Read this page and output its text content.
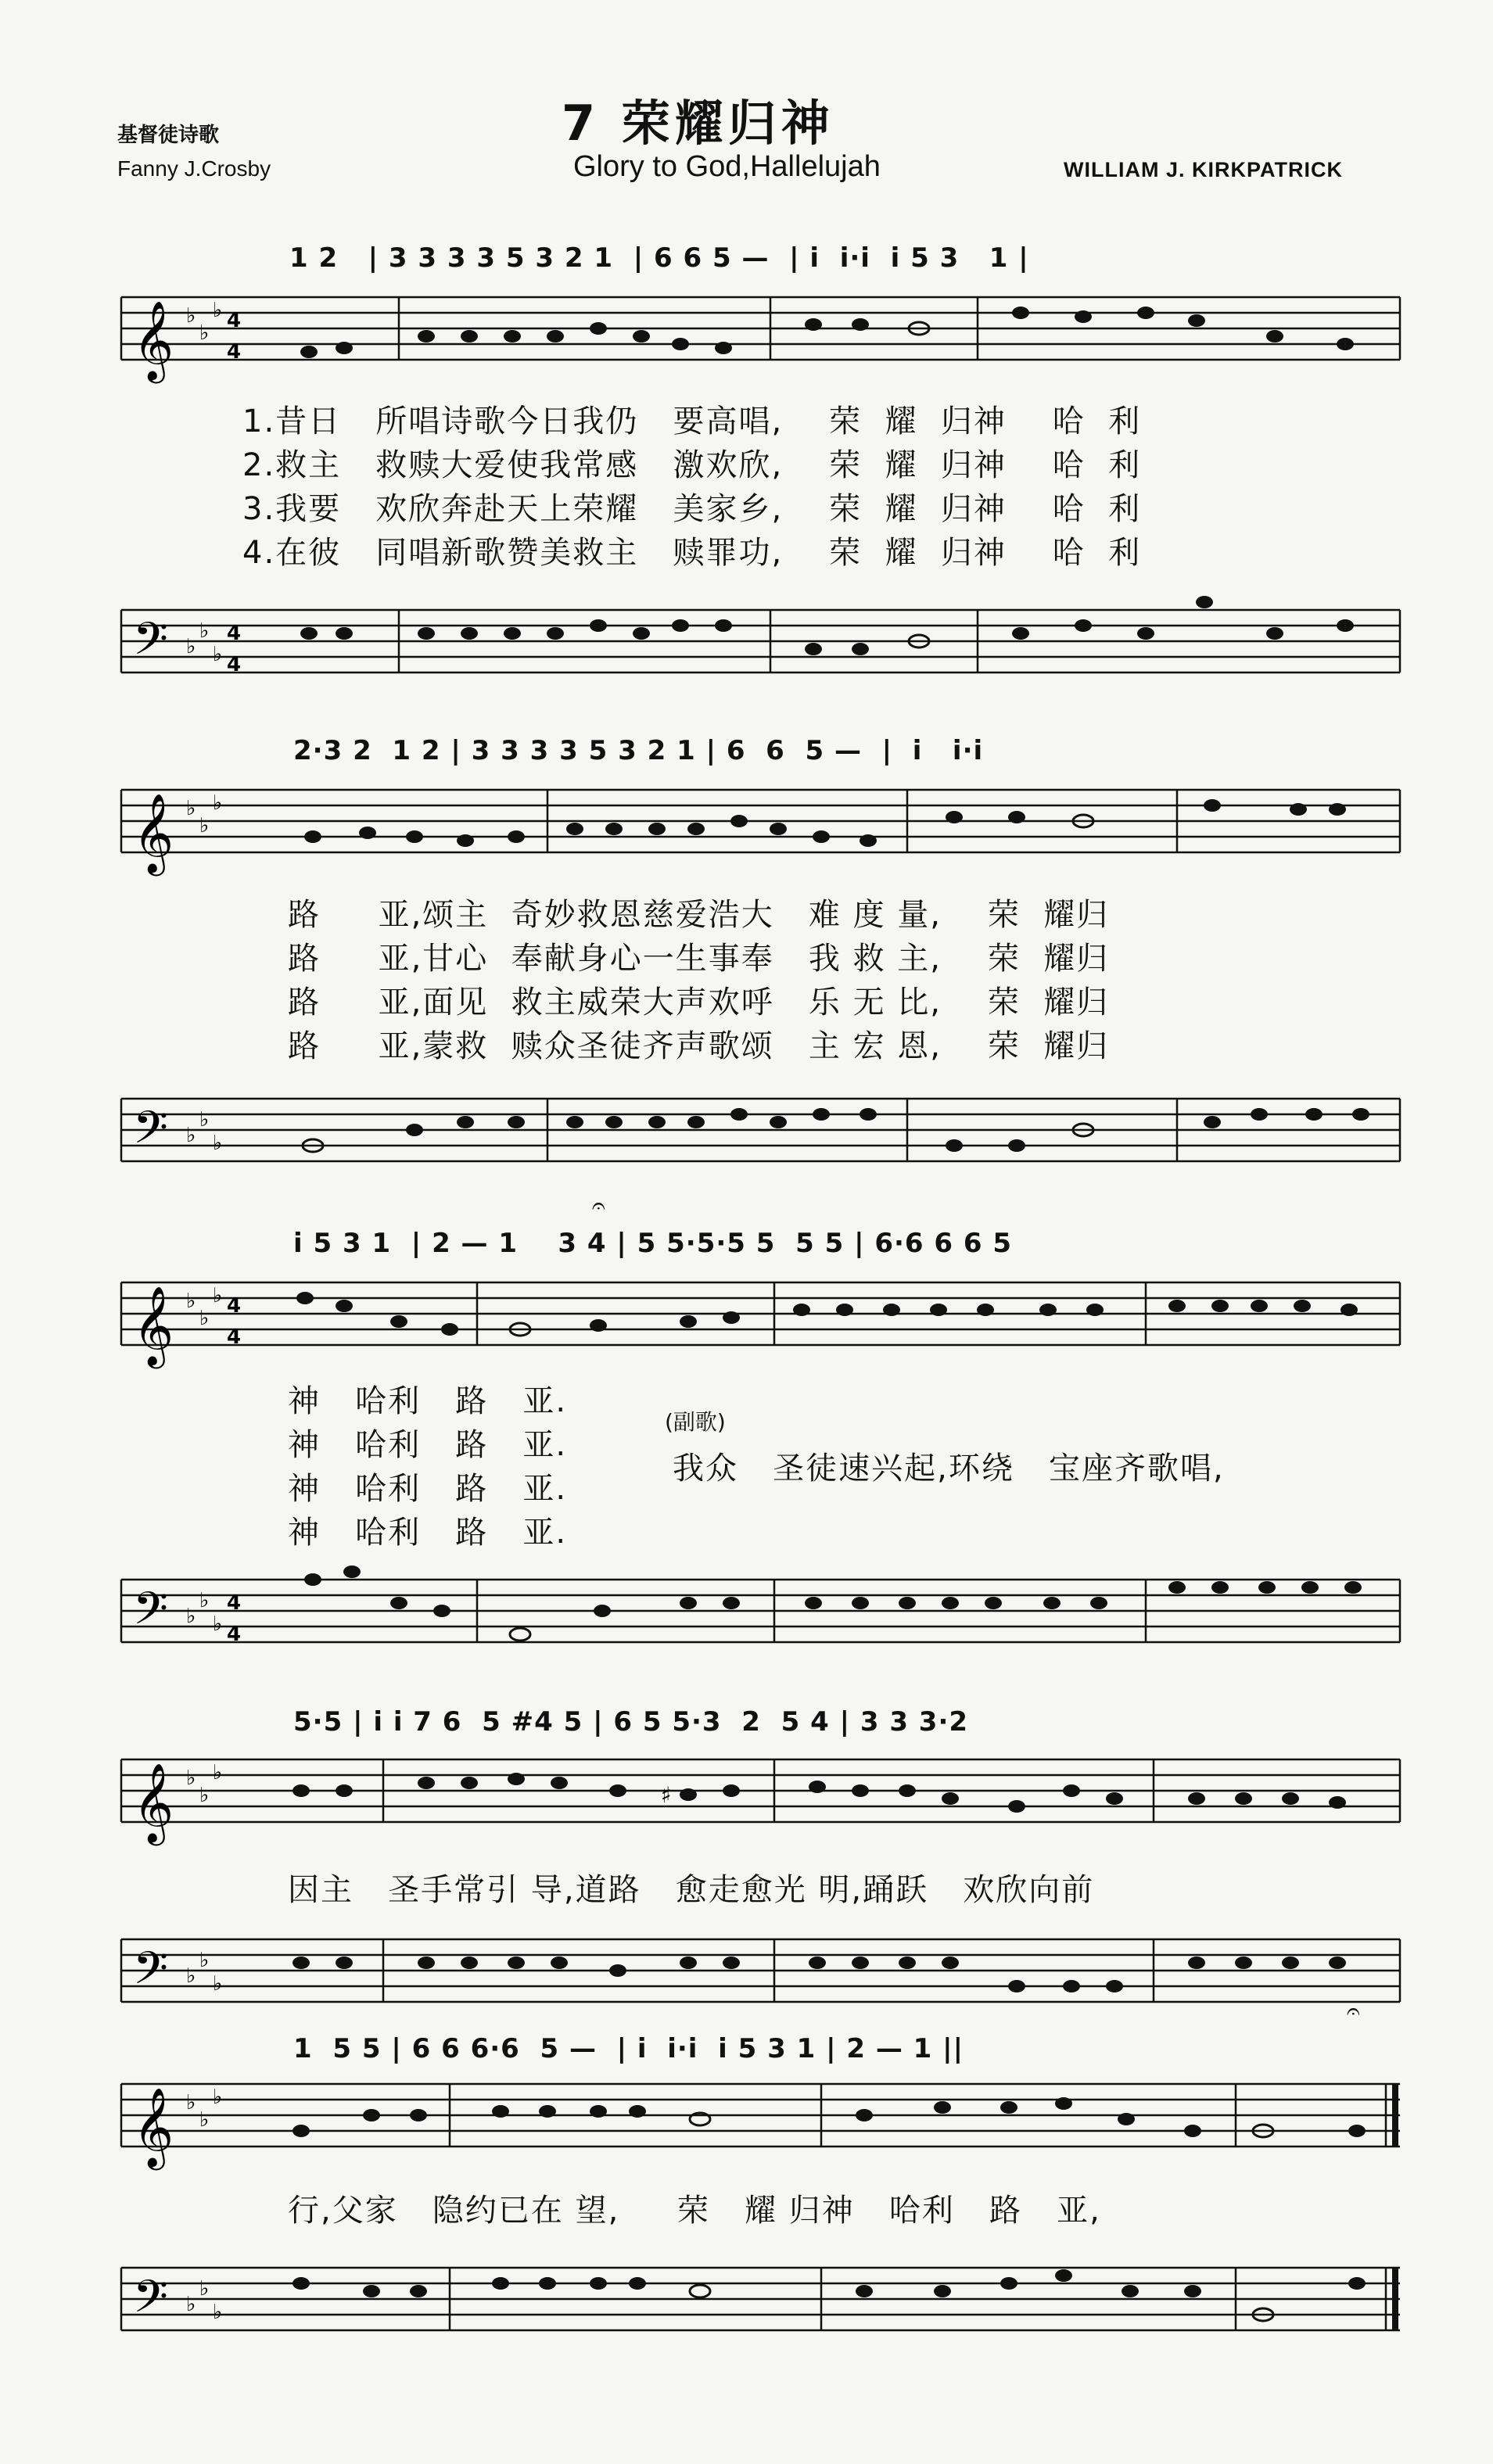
基督徒诗歌
Fanny J.Crosby
7 荣耀归神
Glory to God,Hallelujah	WILLIAM J. KIRKPATRICK
1 2   | 3 3 3 3 5 3 2 1  | 6 6 5 —  | i  i·i  i 5 3   1 |
𝄞 ♭
♭
♭ 4
4
1.昔日   所唱诗歌今日我仍   要高唱,    荣  耀  归神    哈  利
2.救主   救赎大爱使我常感   激欢欣,    荣  耀  归神    哈  利
3.我要   欢欣奔赴天上荣耀   美家乡,    荣  耀  归神    哈  利
4.在彼   同唱新歌赞美救主   赎罪功,    荣  耀  归神    哈  利
𝄢 ♭
♭
♭
4
4
2·3 2  1 2 | 3 3 3 3 5 3 2 1 | 6  6  5 —  |  i   i·i
𝄞 ♭
♭
♭
路     亚,颂主  奇妙救恩慈爱浩大   难 度 量,    荣  耀归
路     亚,甘心  奉献身心一生事奉   我 救 主,    荣  耀归
路     亚,面见  救主威荣大声欢呼   乐 无 比,    荣  耀归
路     亚,蒙救  赎众圣徒齐声歌颂   主 宏 恩,    荣  耀归
𝄢 ♭
♭
♭
i 5 3 1  | 2 — 1    3 4 | 5 5·5·5 5  5 5 | 6·6 6 6 5
𝄐
𝄞 ♭
♭
♭ 4
4
神   哈利   路   亚.
神   哈利   路   亚.
神   哈利   路   亚.
神   哈利   路   亚.
(副歌)
我众   圣徒速兴起,环绕   宝座齐歌唱,
𝄢 ♭
♭
♭
4
4
5·5 | i i 7 6  5 #4 5 | 6 5 5·3  2  5 4 | 3 3 3·2
𝄞 ♭
♭
♭
♯
因主   圣手常引 导,道路   愈走愈光 明,踊跃   欢欣向前
𝄢 ♭
♭
♭
1  5 5 | 6 6 6·6  5 —  | i  i·i  i 5 3 1 | 2 — 1 ||
𝄐
𝄞 ♭
♭
♭
行,父家   隐约已在 望,     荣   耀 归神   哈利   路   亚,
𝄢 ♭
♭
♭
